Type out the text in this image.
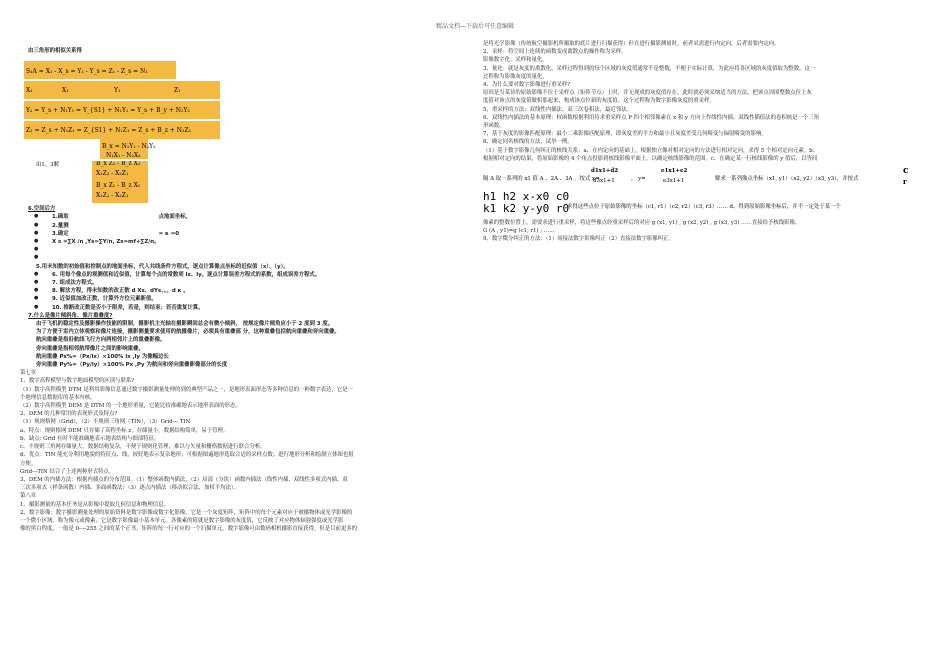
精品文档---下载后可任意编辑
由三角形的相似关系得
S₁A = X₁ - X_s = Y₁ - Y_s = Z₁ - Z_s = N₁
X₁	X₁	Y₁	Z₁
Y₂ = Y_s + N₁Y₁ = Y_{S1} + N₁Y₁ = Y_s + B_y + N₂Y₂
Z₂ = Z_s + N₁Z₁ = Z_{S1} + N₁Z₁ = Z_s + B_z + N₂Z₂
B_x = N₁Y₁ - N₂Y₂
N₁X₁ - N₂X₂
由1、3解	B_x Z₂ - B_z X₂
X₁Z₂ - X₂Z₁
B_x Z₁ - B_z X₁
X₁Z₂ - X₂Z₁
6.空间后方
● 1.确取	点地面坐标。
● 2.量测
● 3.确定	= κ =0
● X s =∑X /n ,Ys=∑Y/n, Zs=mf+∑Z/n。
●
●
5.用未知数的初始值和控制点的地面坐标，代入共线条件方程式，逐点计算像点坐标的近似值（x）、（y）。
● 6. 用每个像点的观测值和近似值，计算每个点的常数项 lx、ly。逐点计算误差方程式的系数，组成误差方程式。
● 7. 组成法方程式。
● 8. 解法方程，得未知数的改正数 d Xs、dYs、。。d κ 。
● 9. 近似值加改正数，计算外方位元素新值。
● 10. 推断改正数是否小于限差，若是，则结束；若否重复计算。
7.什么是像片倾斜角、像片重叠度?
由于飞机的稳定性及摄影操作技能的限制，摄影机主光轴在摄影瞬间总会有微小倾斜， 按规定像片倾角应小于 2 度到 3 度。
为了方便于室内立体观察和像片连接，摄影测量要求使用的航摄像片，必须具有重叠部 分，这种重叠包括航向重叠和旁向重叠。
航向重叠是指沿航线飞行方向两相邻片上的重叠影像。
旁向重叠是指相邻航带像片之间的影响重叠。
航向重叠 Px%=（Px/lx）×100% lx ,ly 为像幅边长
旁向重叠 Py%=（Py/ly）×100% Px ,Py 为航向和旁向重叠影像部分的长度
第七章
1、数字高程模型与数字地面模型的区别与联系?
（1）数字高程模型 DTM 是利用影像信息通过数字摄影测量处理的到的典型产品之一，是地形表面形态等多种信息的一种数字表达，它是一
个地理信息数据库的基本内核。
（2）数字高程模型 DEM 是 DTM 的一个地形重量，它能比较准确地表示地形表面的形态。
2、DEM 的几种常用的表现形式及特点?
（1）规则格网（Grid），（2）不规则三角网（TIN），（3）Grid--- TIN
a、特点：规则格网 DEM 只存储了高程坐标 z，存储量小，数据结构简单，易于管理。
b、缺点: Grid 有时不能准确地表示地表结构与细部特征。
c、不规则三角网存储量大，数据结构复杂，不便于规则化管理，难以与矢量和栅格数据进行联合分析。
d、优点：TIN 能充分利用地貌的特征点、线，较好地表示复杂地形；可根据图遍地形选取合适的采样点数；进行地形分析和绘制立体图也很
方便。
Grid---TIN 结合了上述两种形式特点。
3、DEM 的内插方法：根据内插点的分布范围。（1）整体函数内插法，（2）局部（分块）函数内插法（线性内插、双线性多项式内插、双
三次多项式（样条函数）内插、多面函数法）（3）逐点内插法（移动拟合法、加权平均法）。
第八章
1、摄影测量的基本任务是从影像中提取几何信息和物理信息。
2、数字影像：数字摄影测量处理的原始资料是数字影像或数字化影像，它是一个灰度矩阵，矩阵中的每个元素对应于被摄物体或光学影像的
一个微小区域，称为像元或像素，它是数字影像最小基本单元。各像素的值就是数字影像的灰度值，它反映了对应物体辐射强度或光学影
像的黑白程度，一般是 0----255 之间的某个正书。矩阵的每一行对应的一个扫描单元。数字影像可由数码相机摄影直接获得，但是目前更多的
是将光学影像（传统航空摄影机所摄取的底片进行扫描获得）但在进行摄影测量时，前者采需进行内定向，后者需要内定向。
2、采样：将空间上连续的函数变成离散点的操作称为采样。
影像数字化：采样和量化。
3、量化：就是灰度的离散化，采样过程得到的每个区域的灰度值通常不是整数，不便于实际计算，为此应将各区域的灰度值取为整数，这一
过程称为影像灰度的量化。
4、为什么要对数字影像进行重采样?
原因是当某待的原始影像不位于采样点（矩阵节点）上时，并无现成的灰度值存在，此时就必须采纳适当的方法，把该点周围整数点位上灰
度值对该点的灰度值做积那起来，构成该点位新的灰度值。这个过程称为数字影像灰度的重采样。
5、重采样的方法：双线性内插法、双三次卷积法、最近邻法。
6、双线性内插法的基本原理：权函数根据利用待求重采样点 P 四个相邻像素在 x 和 y 方向上作线性内插。双线性插值法的卷积核是一个三角
形函数。
7、基于灰度的影像匹配原理：最小二乘影像匹配原理，即灰度差的平方和最小且灰度差受几何畸变与辐射畸变的影响。
8、确定同名核线的方法，试举一例。
（1）基于数字影像几何纠正的核线关系：a、在内定向的基础上，根据独立像对相对定向的方法进行相对定向，求得 5 个相对定向元素。b、
根据相对定向的结果，将原始影像的 4 个角点投影到核线影像平面上，以确定核线影像的范围。c、在确定某一行核线影像的 y 值后，以等间
隔 Δ 取一系列的 x1 值 A 、2A 、3A 。按式 x=
d1x1+d2
d3x1+1	， y=
e1x1+e2
e3x1+1	解求一系列像点坐标（x1, y1）（x2, y2）（x3, y3），并按式
c
r
h1 h2 x-x0 c0
k1 k2 y-y0 r0
求得这些点位于原始影像的坐标（c1, r1）（c2, r2）（c3, r3）…… d、得到原始影像坐标后，并不一定处于某一个
像素的整数位置上，需要求进行重采样，将这些像点经重采样后的对应 g (x1, y1) , g (x2, y2) , g (x3, y3) ……直接给予核线影像。
G (A , y1)=g (c1, r1) ; ……
9、数字微分纠正的方法：（1）间接法数字影像纠正（2）直接法数字影像纠正。
